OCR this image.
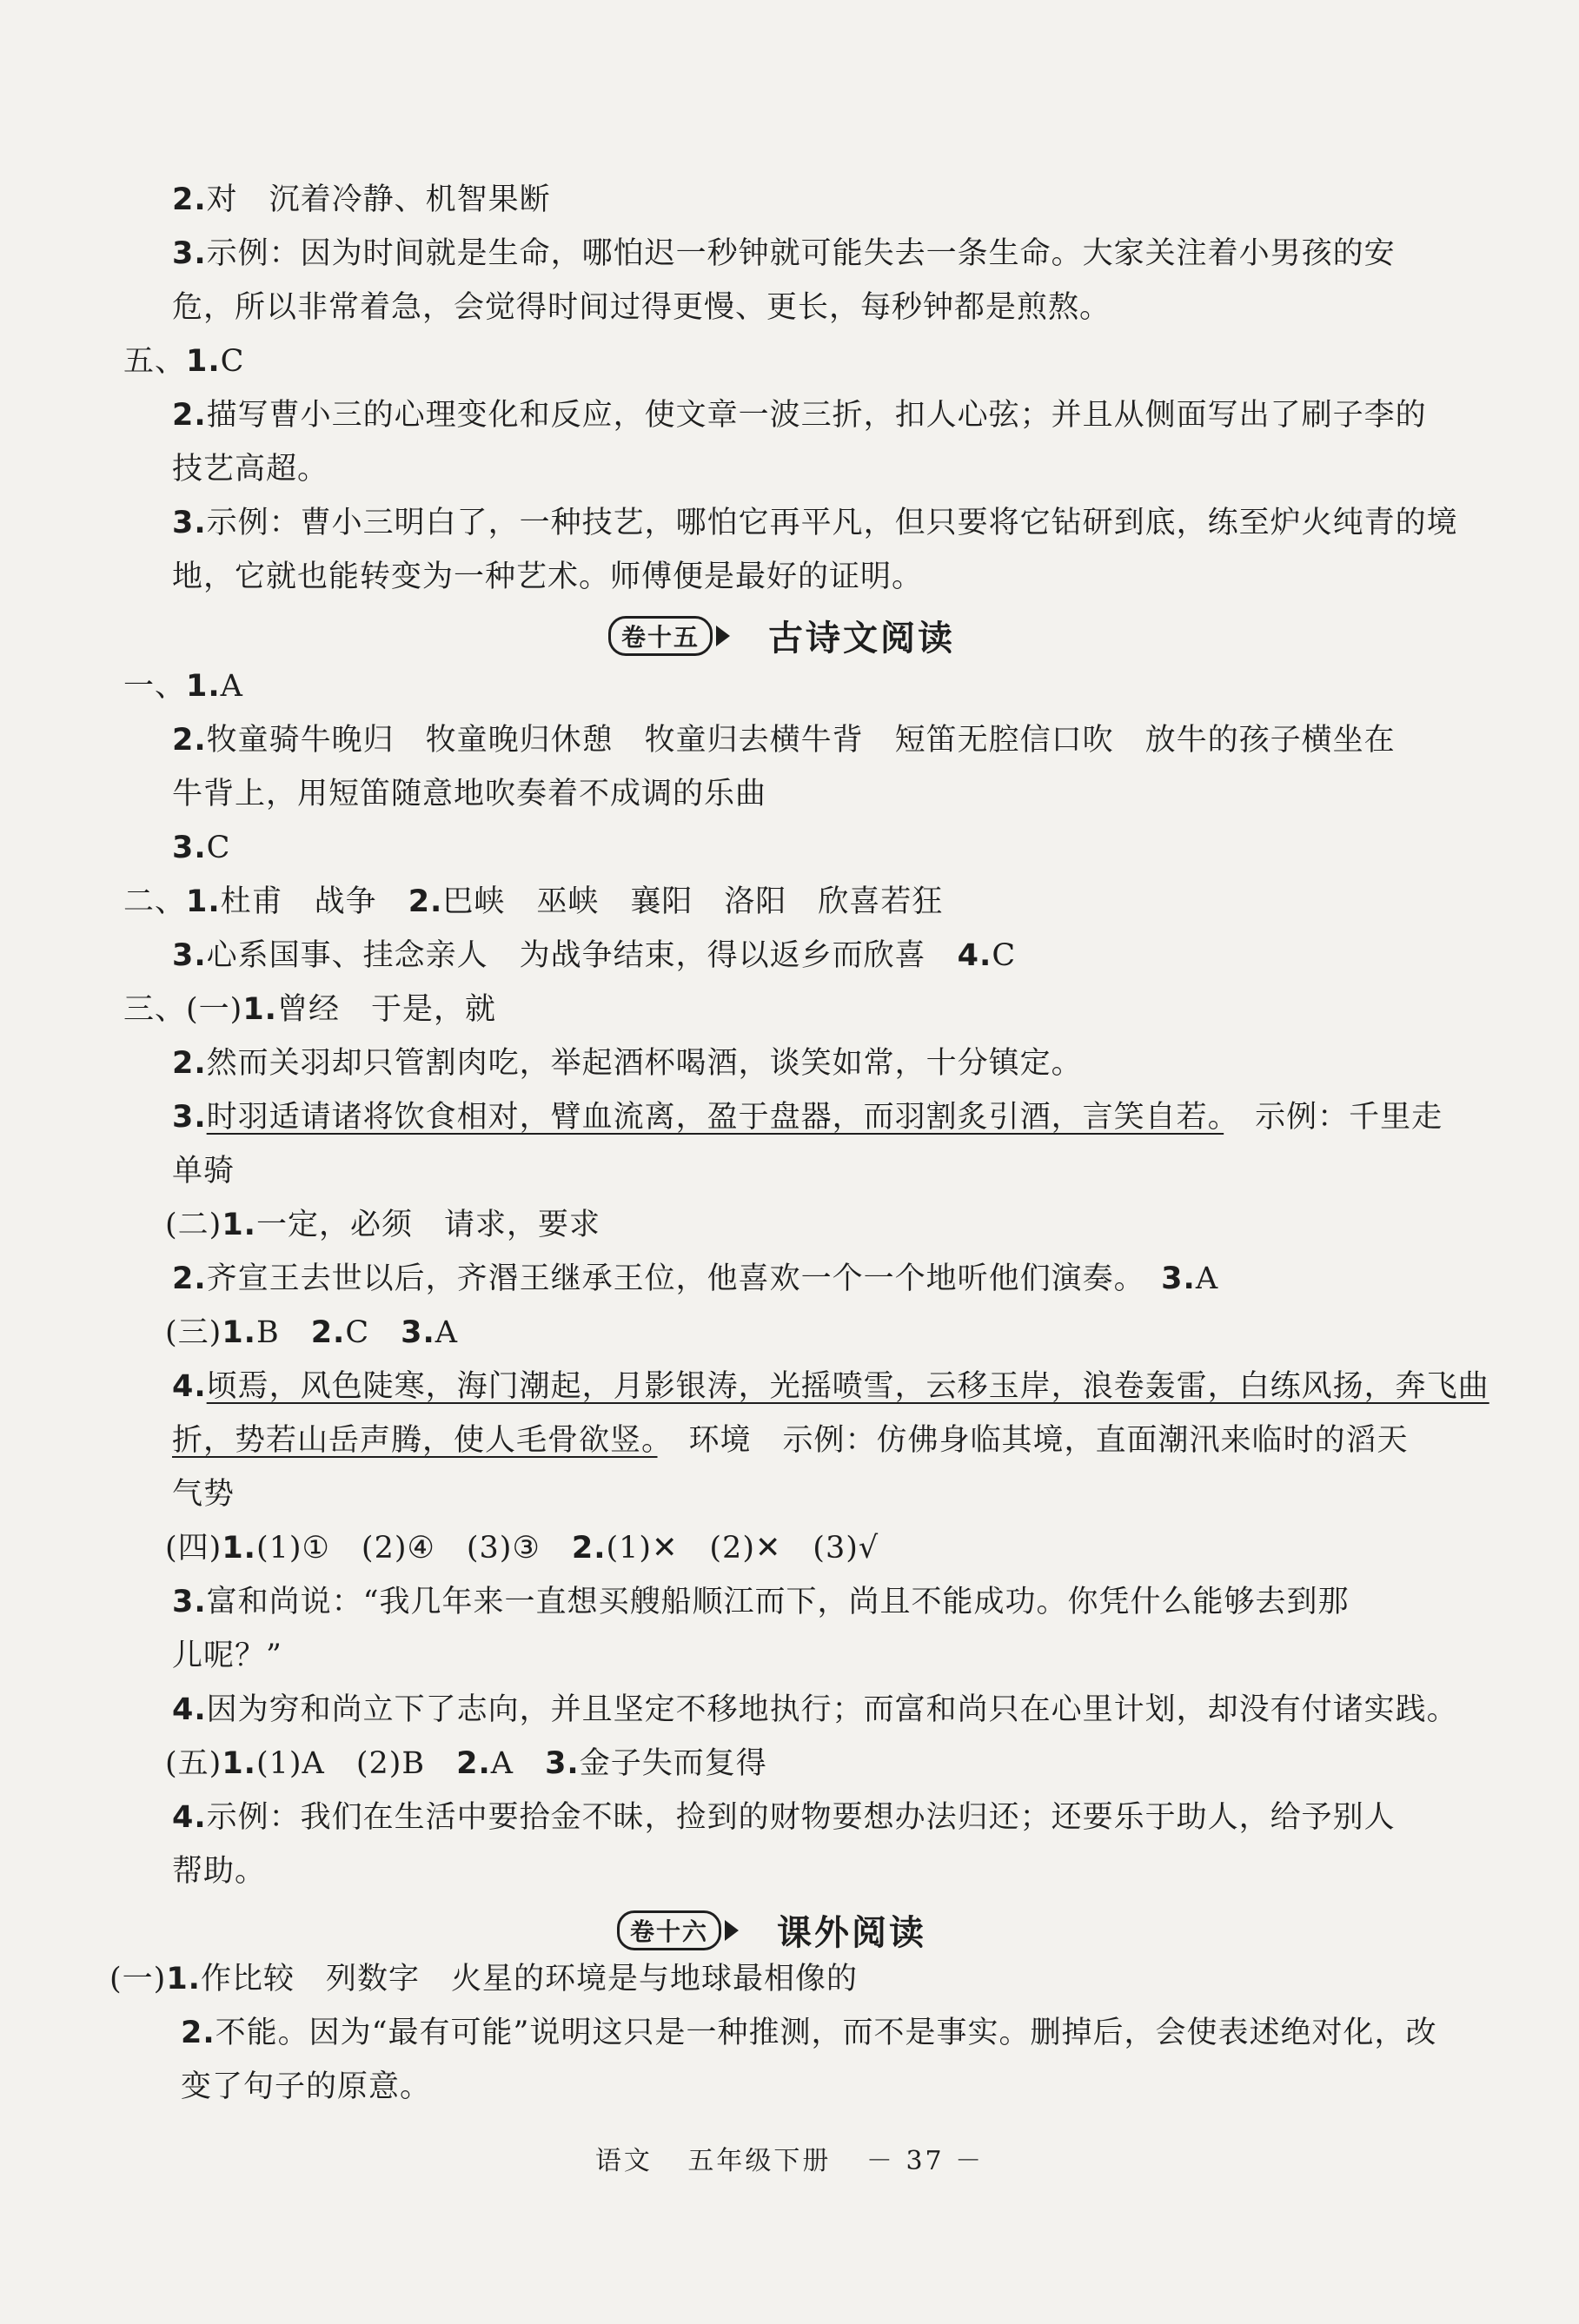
2.对　沉着冷静、机智果断
3.示例：因为时间就是生命，哪怕迟一秒钟就可能失去一条生命。大家关注着小男孩的安
危，所以非常着急，会觉得时间过得更慢、更长，每秒钟都是煎熬。
五、1.C
2.描写曹小三的心理变化和反应，使文章一波三折，扣人心弦；并且从侧面写出了刷子李的
技艺高超。
3.示例：曹小三明白了，一种技艺，哪怕它再平凡，但只要将它钻研到底，练至炉火纯青的境
地，它就也能转变为一种艺术。师傅便是最好的证明。
卷十五	古诗文阅读
一、1.A
2.牧童骑牛晚归　牧童晚归休憩　牧童归去横牛背　短笛无腔信口吹　放牛的孩子横坐在
牛背上，用短笛随意地吹奏着不成调的乐曲
3.C
二、1.杜甫　战争　2.巴峡　巫峡　襄阳　洛阳　欣喜若狂
3.心系国事、挂念亲人　为战争结束，得以返乡而欣喜　4.C
三、(一)1.曾经　于是，就
2.然而关羽却只管割肉吃，举起酒杯喝酒，谈笑如常，十分镇定。
3.时羽适请诸将饮食相对，臂血流离，盈于盘器，而羽割炙引酒，言笑自若。　示例：千里走
单骑
(二)1.一定，必须　请求，要求
2.齐宣王去世以后，齐湣王继承王位，他喜欢一个一个地听他们演奏。　3.A
(三)1.B　2.C　3.A
4.顷焉，风色陡寒，海门潮起，月影银涛，光摇喷雪，云移玉岸，浪卷轰雷，白练风扬，奔飞曲
折，势若山岳声腾，使人毛骨欲竖。　环境　示例：仿佛身临其境，直面潮汛来临时的滔天
气势
(四)1.(1)①　(2)④　(3)③　2.(1)✕　(2)✕　(3)√
3.富和尚说：“我几年来一直想买艘船顺江而下，尚且不能成功。你凭什么能够去到那
儿呢？”
4.因为穷和尚立下了志向，并且坚定不移地执行；而富和尚只在心里计划，却没有付诸实践。
(五)1.(1)A　(2)B　2.A　3.金子失而复得
4.示例：我们在生活中要拾金不昧，捡到的财物要想办法归还；还要乐于助人，给予别人
帮助。
卷十六	课外阅读
(一)1.作比较　列数字　火星的环境是与地球最相像的
2.不能。因为“最有可能”说明这只是一种推测，而不是事实。删掉后，会使表述绝对化，改
变了句子的原意。
语文 五年级下册 － 37 －
